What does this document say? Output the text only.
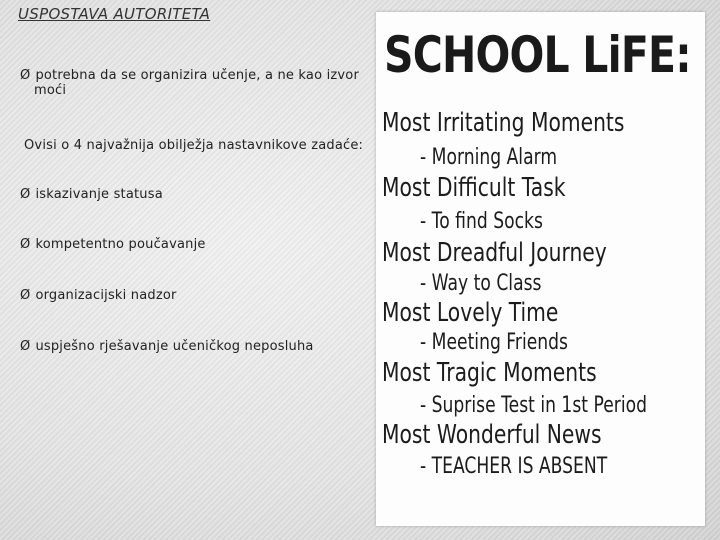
USPOSTAVA AUTORITETA
Ø potrebna da se organizira učenje, a ne kao izvor
moći
Ovisi o 4 najvažnija obilježja nastavnikove zadaće:
Ø iskazivanje statusa
Ø kompetentno poučavanje
Ø organizacijski nadzor
Ø uspješno rješavanje učeničkog neposluha
SCHOOL LiFE:
Most Irritating Moments
- Morning Alarm
Most Difficult Task
- To find Socks
Most Dreadful Journey
- Way to Class
Most Lovely Time
- Meeting Friends
Most Tragic Moments
- Suprise Test in 1st Period
Most Wonderful News
- TEACHER IS ABSENT
